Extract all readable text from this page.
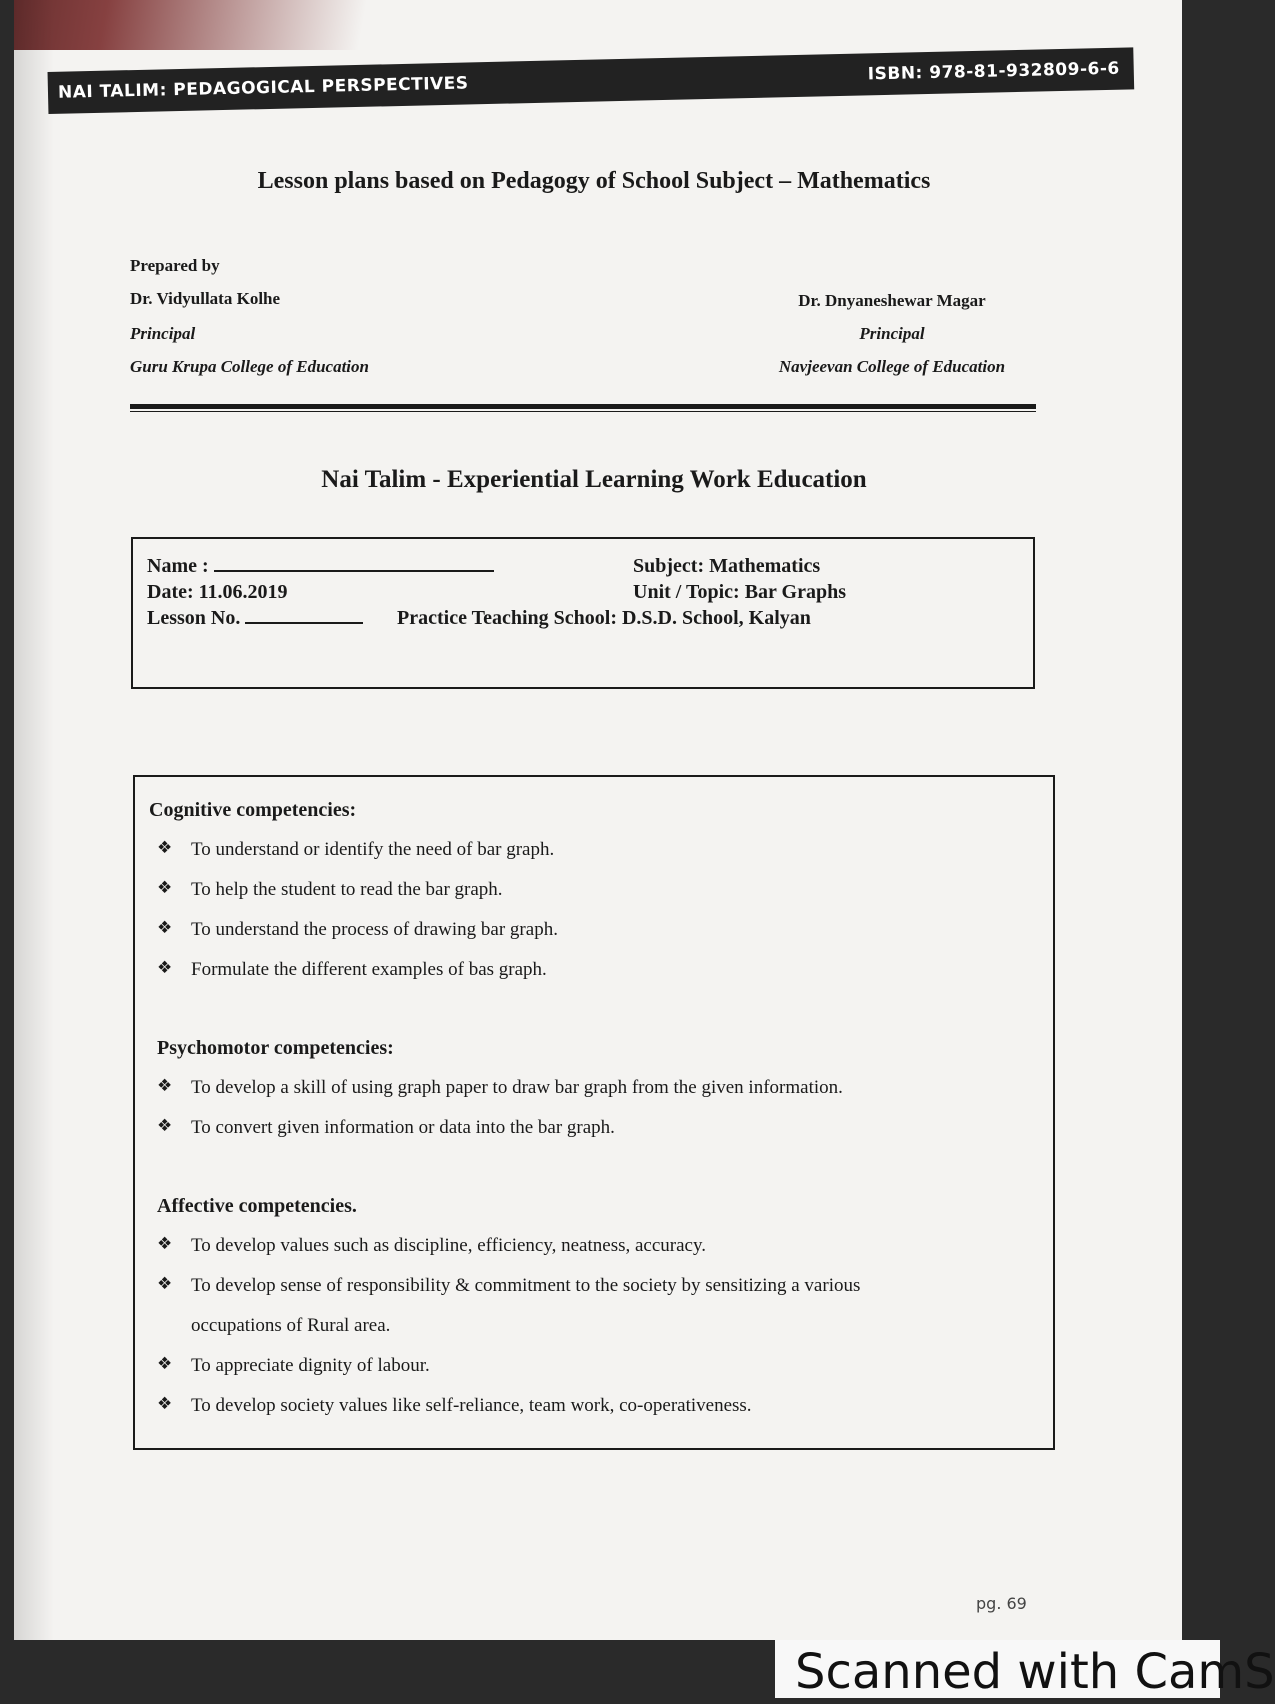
NAI TALIM: PEDAGOGICAL PERSPECTIVES
ISBN: 978-81-932809-6-6
Lesson plans based on Pedagogy of School Subject – Mathematics
Prepared by
Dr. Vidyullata Kolhe
Principal
Guru Krupa College of Education
Dr. Dnyaneshewar Magar
Principal
Navjeevan College of Education
Nai Talim - Experiential Learning Work Education
Name :
Date: 11.06.2019
Lesson No.
Subject: Mathematics
Unit / Topic: Bar Graphs
Practice Teaching School: D.S.D. School, Kalyan
Cognitive competencies:
❖ To understand or identify the need of bar graph.
❖ To help the student to read the bar graph.
❖ To understand the process of drawing bar graph.
❖ Formulate the different examples of bas graph.
Psychomotor competencies:
❖ To develop a skill of using graph paper to draw bar graph from the given information.
❖ To convert given information or data into the bar graph.
Affective competencies.
❖ To develop values such as discipline, efficiency, neatness, accuracy.
❖ To develop sense of responsibility & commitment to the society by sensitizing a various
occupations of Rural area.
❖ To appreciate dignity of labour.
❖ To develop society values like self-reliance, team work, co-operativeness.
pg. 69
Scanned with CamS
